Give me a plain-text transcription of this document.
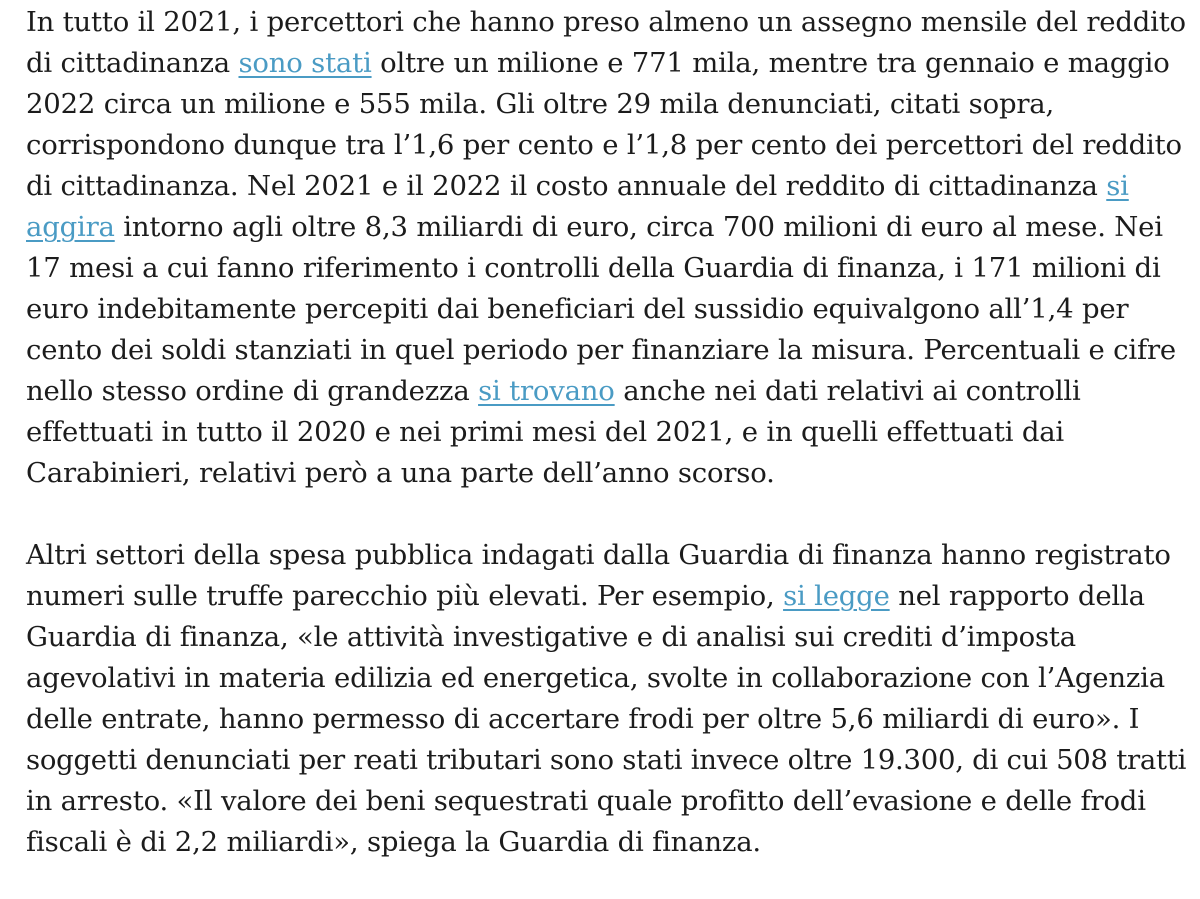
In tutto il 2021, i percettori che hanno preso almeno un assegno mensile del reddito
di cittadinanza sono stati oltre un milione e 771 mila, mentre tra gennaio e maggio
2022 circa un milione e 555 mila. Gli oltre 29 mila denunciati, citati sopra,
corrispondono dunque tra l’1,6 per cento e l’1,8 per cento dei percettori del reddito
di cittadinanza. Nel 2021 e il 2022 il costo annuale del reddito di cittadinanza si
aggira intorno agli oltre 8,3 miliardi di euro, circa 700 milioni di euro al mese. Nei
17 mesi a cui fanno riferimento i controlli della Guardia di finanza, i 171 milioni di
euro indebitamente percepiti dai beneficiari del sussidio equivalgono all’1,4 per
cento dei soldi stanziati in quel periodo per finanziare la misura. Percentuali e cifre
nello stesso ordine di grandezza si trovano anche nei dati relativi ai controlli
effettuati in tutto il 2020 e nei primi mesi del 2021, e in quelli effettuati dai
Carabinieri, relativi però a una parte dell’anno scorso.

Altri settori della spesa pubblica indagati dalla Guardia di finanza hanno registrato
numeri sulle truffe parecchio più elevati. Per esempio, si legge nel rapporto della
Guardia di finanza, «le attività investigative e di analisi sui crediti d’imposta
agevolativi in materia edilizia ed energetica, svolte in collaborazione con l’Agenzia
delle entrate, hanno permesso di accertare frodi per oltre 5,6 miliardi di euro». I
soggetti denunciati per reati tributari sono stati invece oltre 19.300, di cui 508 tratti
in arresto. «Il valore dei beni sequestrati quale profitto dell’evasione e delle frodi
fiscali è di 2,2 miliardi», spiega la Guardia di finanza.
